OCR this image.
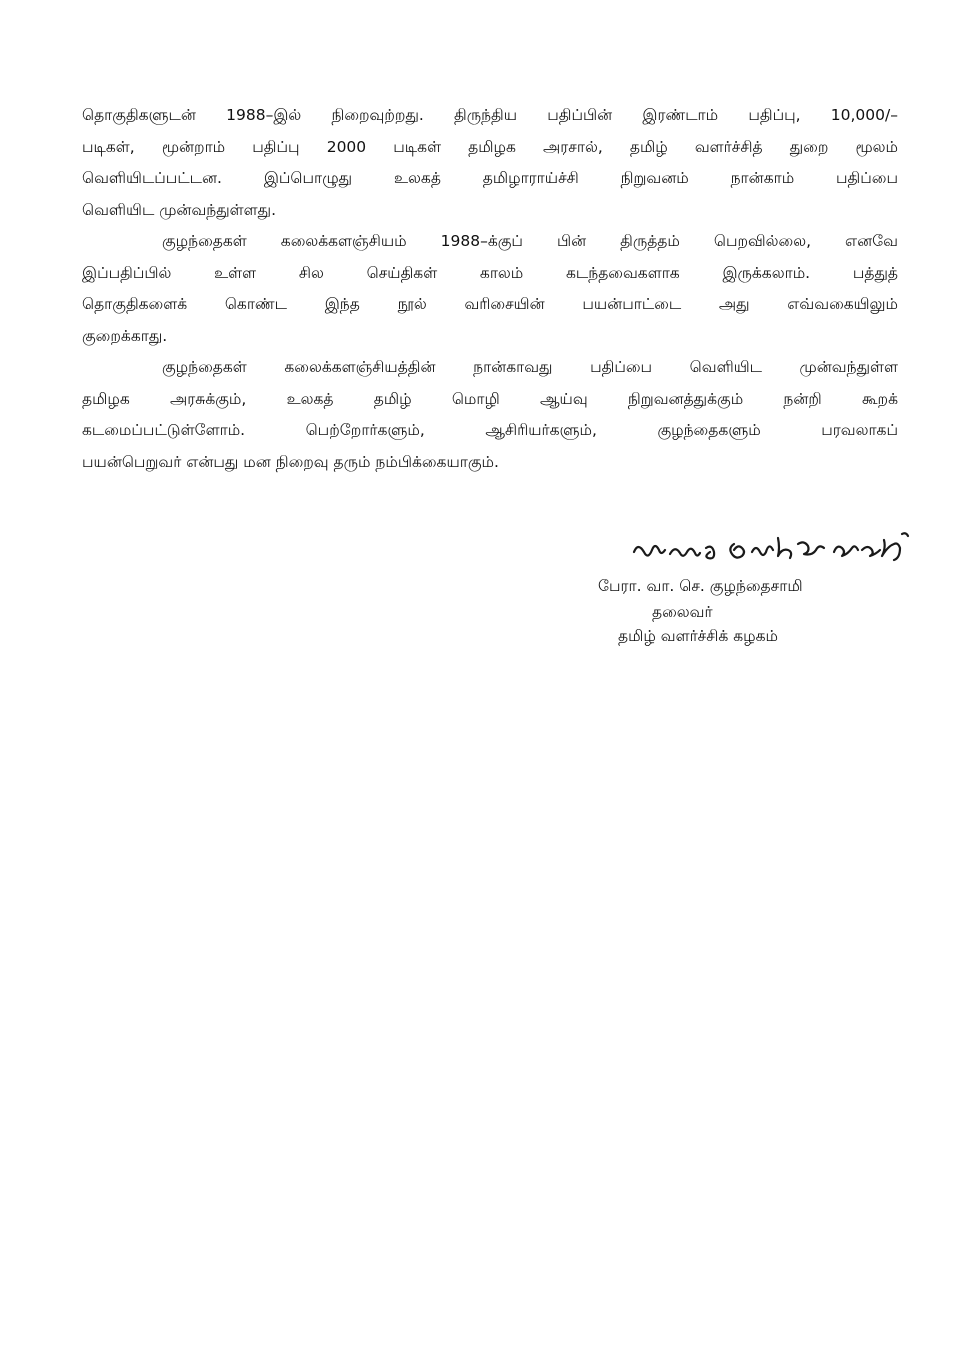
தொகுதிகளுடன் 1988–இல் நிறைவுற்றது. திருந்திய பதிப்பின் இரண்டாம் பதிப்பு, 10,000/–
படிகள், மூன்றாம் பதிப்பு 2000 படிகள் தமிழக அரசால், தமிழ் வளர்ச்சித் துறை மூலம்
வெளியிடப்பட்டன. இப்பொழுது உலகத் தமிழாராய்ச்சி நிறுவனம் நான்காம் பதிப்பை
வெளியிட முன்வந்துள்ளது.
குழந்தைகள் கலைக்களஞ்சியம் 1988–க்குப் பின் திருத்தம் பெறவில்லை, எனவே
இப்பதிப்பில் உள்ள சில செய்திகள் காலம் கடந்தவைகளாக இருக்கலாம். பத்துத்
தொகுதிகளைக் கொண்ட இந்த நூல் வரிசையின் பயன்பாட்டை அது எவ்வகையிலும்
குறைக்காது.
குழந்தைகள் கலைக்களஞ்சியத்தின் நான்காவது பதிப்பை வெளியிட முன்வந்துள்ள
தமிழக அரசுக்கும், உலகத் தமிழ் மொழி ஆய்வு நிறுவனத்துக்கும் நன்றி கூறக்
கடமைப்பட்டுள்ளோம். பெற்றோர்களும், ஆசிரியர்களும், குழந்தைகளும் பரவலாகப்
பயன்பெறுவர் என்பது மன நிறைவு தரும் நம்பிக்கையாகும்.
பேரா. வா. செ. குழந்தைசாமி
தலைவர்
தமிழ் வளர்ச்சிக் கழகம்
